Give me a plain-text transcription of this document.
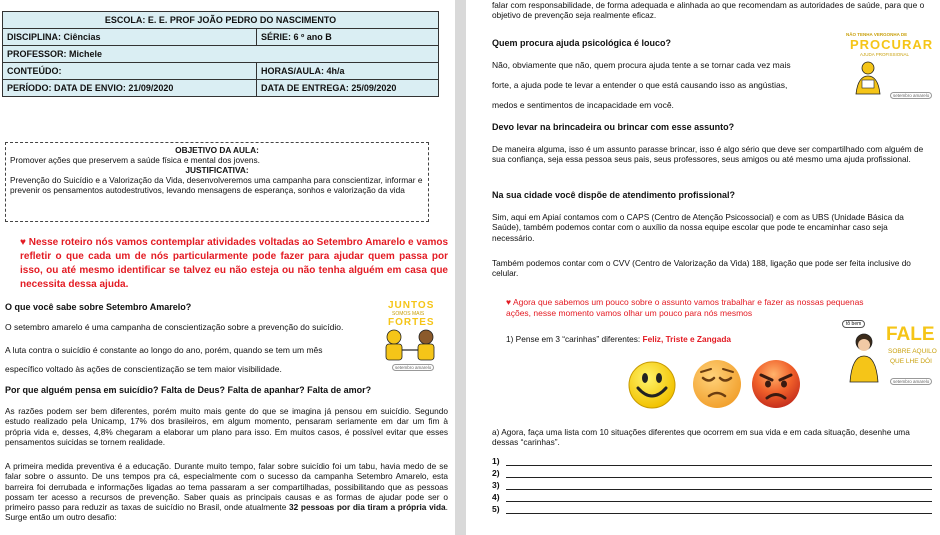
ESCOLA: E. E. PROF JOÃO PEDRO DO NASCIMENTO	
DISCIPLINA: Ciências	SÉRIE: 6 º ano B
PROFESSOR: Michele	
CONTEÚDO:	HORAS/AULA: 4h/a
PERÍODO: DATA DE ENVIO: 21/09/2020	DATA DE ENTREGA: 25/09/2020
OBJETIVO DA AULA:
Promover ações que preservem a saúde física e mental dos jovens.
JUSTIFICATIVA:
Prevenção do Suicídio e a Valorização da Vida, desenvolveremos uma campanha para conscientizar, informar e prevenir os pensamentos autodestrutivos, levando mensagens de esperança, sonhos e valorização da vida
♥ Nesse roteiro nós vamos contemplar atividades voltadas ao Setembro Amarelo e vamos refletir o que cada um de nós particularmente pode fazer para ajudar quem passa por isso, ou até mesmo identificar se talvez eu não esteja ou não tenha alguém em casa que necessita dessa ajuda.
O que você sabe sobre Setembro Amarelo?
O setembro amarelo é uma campanha de conscientização sobre a prevenção do suicídio.
A luta contra o suicídio é constante ao longo do ano, porém, quando se tem um mês
específico voltado às ações de conscientização se tem maior visibilidade.
JUNTOS
SOMOS MAIS
FORTES
setembro amarelo
Por que alguém pensa em suicídio? Falta de Deus? Falta de apanhar? Falta de amor?
As razões podem ser bem diferentes, porém muito mais gente do que se imagina já pensou em suicídio. Segundo estudo realizado pela Unicamp, 17% dos brasileiros, em algum momento, pensaram seriamente em dar um fim à própria vida e, desses, 4,8% chegaram a elaborar um plano para isso. Em muitos casos, é possível evitar que esses pensamentos suicidas se tornem realidade.
A primeira medida preventiva é a educação. Durante muito tempo, falar sobre suicídio foi um tabu, havia medo de se falar sobre o assunto. De uns tempos pra cá, especialmente com o sucesso da campanha Setembro Amarelo, esta barreira foi derrubada e informações ligadas ao tema passaram a ser compartilhadas, possibilitando que as pessoas possam ter acesso a recursos de prevenção. Saber quais as principais causas e as formas de ajudar pode ser o primeiro passo para reduzir as taxas de suicídio no Brasil, onde atualmente 32 pessoas por dia tiram a própria vida. Surge então um outro desafio:
falar com responsabilidade, de forma adequada e alinhada ao que recomendam as autoridades de saúde, para que o objetivo de prevenção seja realmente eficaz.
Quem procura ajuda psicológica é louco?
Não, obviamente que não, quem procura ajuda tente a se tornar cada vez mais
forte, a ajuda pode te levar a entender o que está causando isso as angústias,
medos e sentimentos de incapacidade em você.
NÃO TENHA VERGONHA DE
PROCURAR
AJUDA PROFISSIONAL
setembro amarelo
Devo levar na brincadeira ou brincar com esse assunto?
De maneira alguma, isso é um assunto parasse brincar, isso é algo sério que deve ser compartilhado com alguém de sua confiança, seja essa pessoa seus pais, seus professores, seus amigos ou até mesmo uma ajuda profissional.
Na sua cidade você dispõe de atendimento profissional?
Sim, aqui em Apiaí contamos com o CAPS (Centro de Atenção Psicossocial) e com as UBS (Unidade Básica da Saúde), também podemos contar com o auxílio da nossa equipe escolar que pode te encaminhar caso seja necessário.
Também podemos contar com o CVV (Centro de Valorização da Vida) 188, ligação que pode ser feita inclusive do celular.
♥ Agora que sabemos um pouco sobre o assunto vamos trabalhar e fazer as nossas pequenas ações, nesse momento vamos olhar um pouco para nós mesmos
1) Pense em 3 “carinhas” diferentes: Feliz, Triste e Zangada
tô bem FALE
SOBRE AQUILO
QUE LHE DÓI
setembro amarelo
a) Agora, faça uma lista com 10 situações diferentes que ocorrem em sua vida e em cada situação, desenhe uma dessas “carinhas”.
1)
2)
3)
4)
5)
